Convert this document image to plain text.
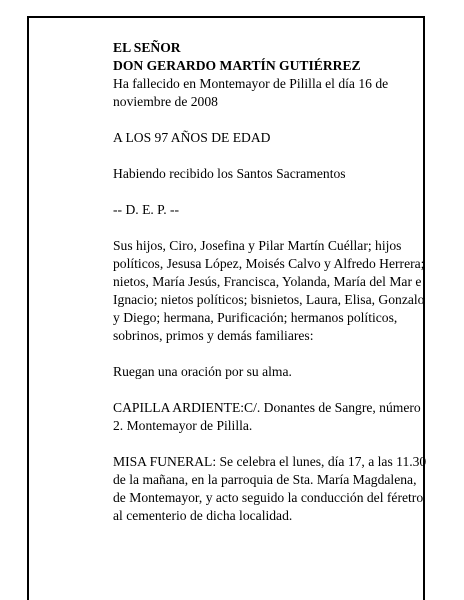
EL SEÑOR
DON GERARDO MARTÍN GUTIÉRREZ

Ha fallecido en Montemayor de Pililla el día 16 de noviembre de 2008

A LOS 97 AÑOS DE EDAD

Habiendo recibido los Santos Sacramentos

-- D. E. P. --

Sus hijos, Ciro, Josefina y Pilar Martín Cuéllar; hijos políticos, Jesusa López, Moisés Calvo y Alfredo Herrera; nietos, María Jesús, Francisca, Yolanda, María del Mar e Ignacio; nietos políticos; bisnietos, Laura, Elisa, Gonzalo y Diego; hermana, Purificación; hermanos políticos, sobrinos, primos y demás familiares:

Ruegan una oración por su alma.

CAPILLA ARDIENTE:C/. Donantes de Sangre, número 2. Montemayor de Pililla.

MISA FUNERAL: Se celebra el lunes, día 17, a las 11.30 de la mañana, en la parroquia de Sta. María Magdalena, de Montemayor, y acto seguido la conducción del féretro al cementerio de dicha localidad.
